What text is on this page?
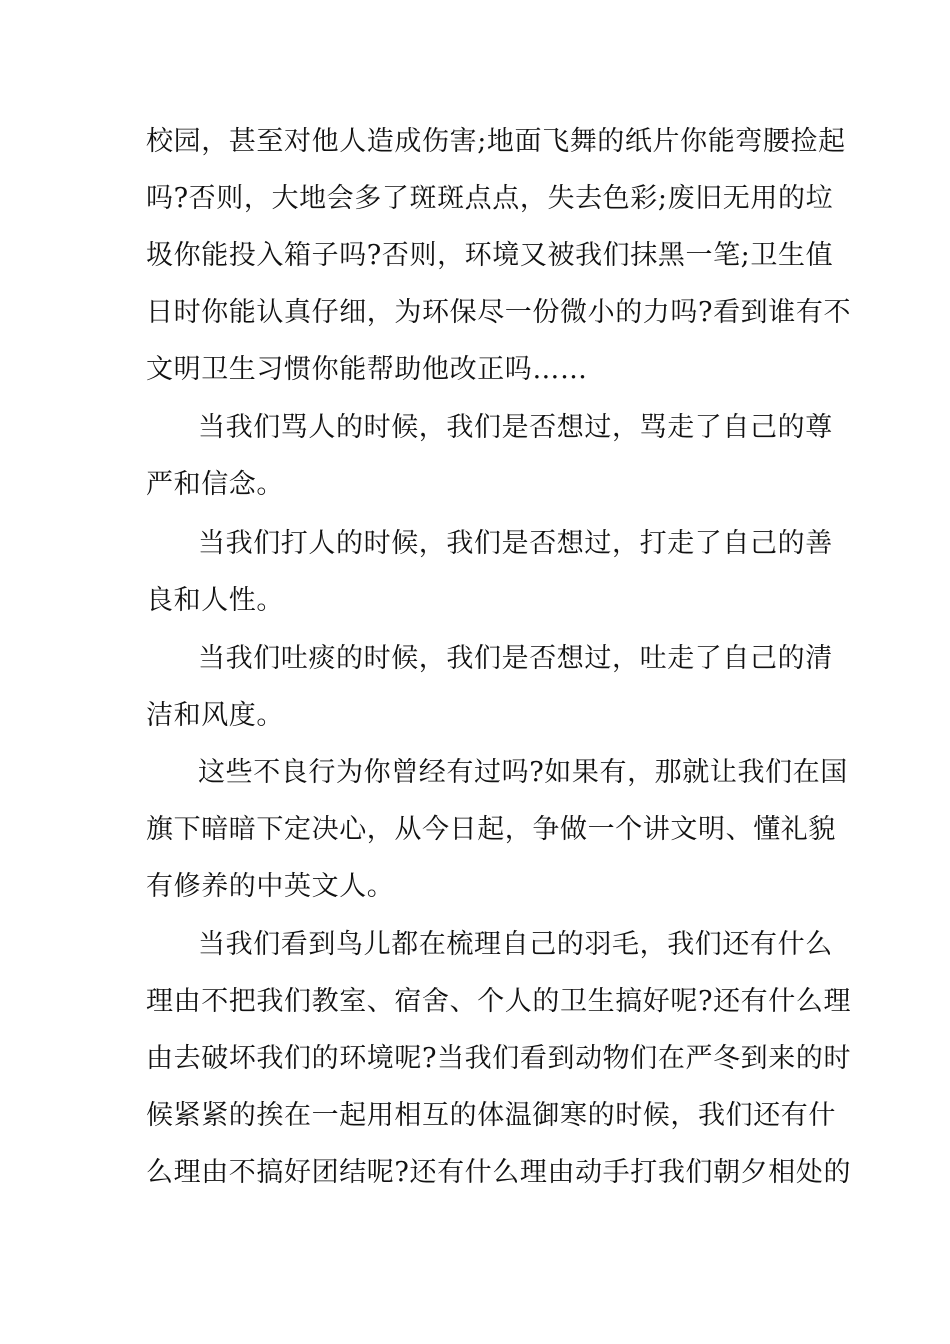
校园，甚至对他人造成伤害;地面飞舞的纸片你能弯腰捡起
吗?否则，大地会多了斑斑点点，失去色彩;废旧无用的垃
圾你能投入箱子吗?否则，环境又被我们抹黑一笔;卫生值
日时你能认真仔细，为环保尽一份微小的力吗?看到谁有不
文明卫生习惯你能帮助他改正吗……
当我们骂人的时候，我们是否想过，骂走了自己的尊
严和信念。
当我们打人的时候，我们是否想过，打走了自己的善
良和人性。
当我们吐痰的时候，我们是否想过，吐走了自己的清
洁和风度。
这些不良行为你曾经有过吗?如果有，那就让我们在国
旗下暗暗下定决心，从今日起，争做一个讲文明、懂礼貌
有修养的中英文人。
当我们看到鸟儿都在梳理自己的羽毛，我们还有什么
理由不把我们教室、宿舍、个人的卫生搞好呢?还有什么理
由去破坏我们的环境呢?当我们看到动物们在严冬到来的时
候紧紧的挨在一起用相互的体温御寒的时候，我们还有什
么理由不搞好团结呢?还有什么理由动手打我们朝夕相处的
